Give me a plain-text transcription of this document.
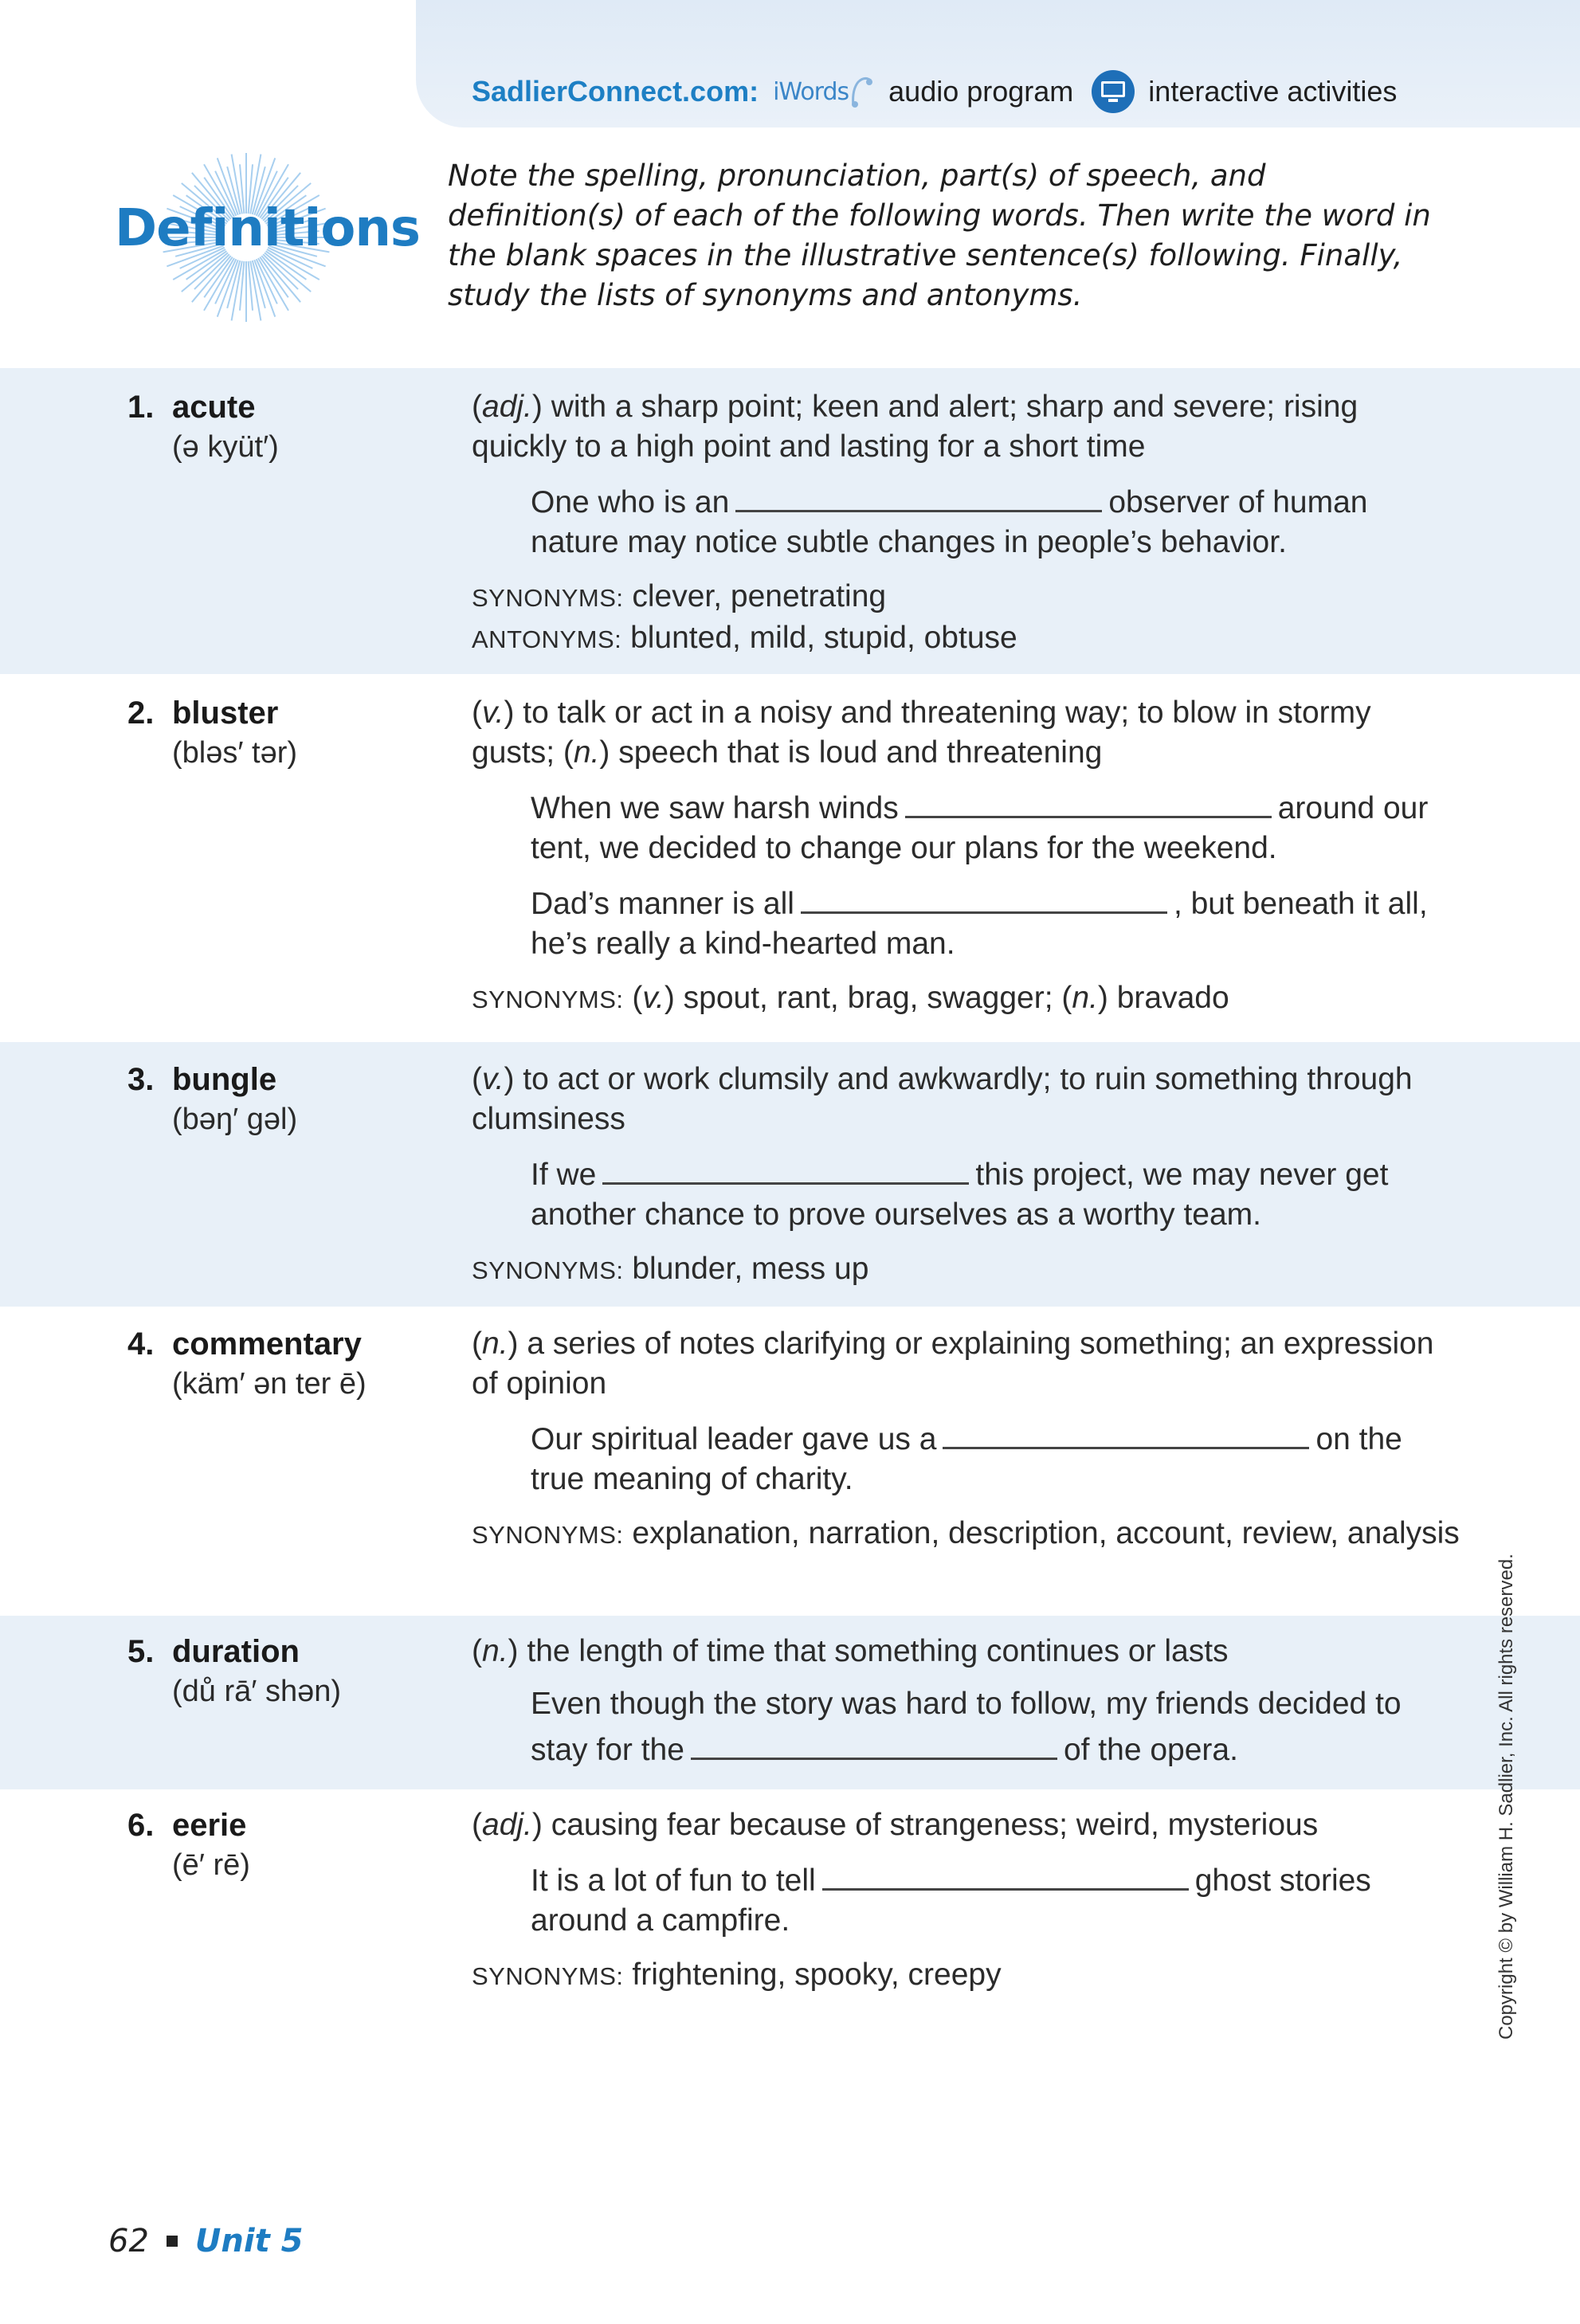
SadlierConnect.com: iWords audio program	interactive activities
Definitions
Note the spelling, pronunciation, part(s) of speech, and definition(s) of each of the following words. Then write the word in the blank spaces in the illustrative sentence(s) following. Finally, study the lists of synonyms and antonyms.
1. acute
(ə kyüt′)
(adj.) with a sharp point; keen and alert; sharp and severe; rising quickly to a high point and lasting for a short time
One who is an	observer of human nature may notice subtle changes in people’s behavior.
SYNONYMS: clever, penetrating
ANTONYMS: blunted, mild, stupid, obtuse
2. bluster
(bləs′ tər)
(v.) to talk or act in a noisy and threatening way; to blow in stormy gusts; (n.) speech that is loud and threatening
When we saw harsh winds	around our tent, we decided to change our plans for the weekend.
Dad’s manner is all	, but beneath it all, he’s really a kind-hearted man.
SYNONYMS: (v.) spout, rant, brag, swagger; (n.) bravado
3. bungle
(bəŋ′ gəl)
(v.) to act or work clumsily and awkwardly; to ruin something through clumsiness
If we	this project, we may never get another chance to prove ourselves as a worthy team.
SYNONYMS: blunder, mess up
4. commentary
(käm′ ən ter ē)
(n.) a series of notes clarifying or explaining something; an expression of opinion
Our spiritual leader gave us a	on the true meaning of charity.
SYNONYMS: explanation, narration, description, account, review, analysis
5. duration
(dů rā′ shən)
(n.) the length of time that something continues or lasts
Even though the story was hard to follow, my friends decided to stay for the	of the opera.
6. eerie
(ē′ rē)
(adj.) causing fear because of strangeness; weird, mysterious
It is a lot of fun to tell	ghost stories around a campfire.
SYNONYMS: frightening, spooky, creepy	Copyright © by William H. Sadlier, Inc. All rights reserved.
62 Unit 5
